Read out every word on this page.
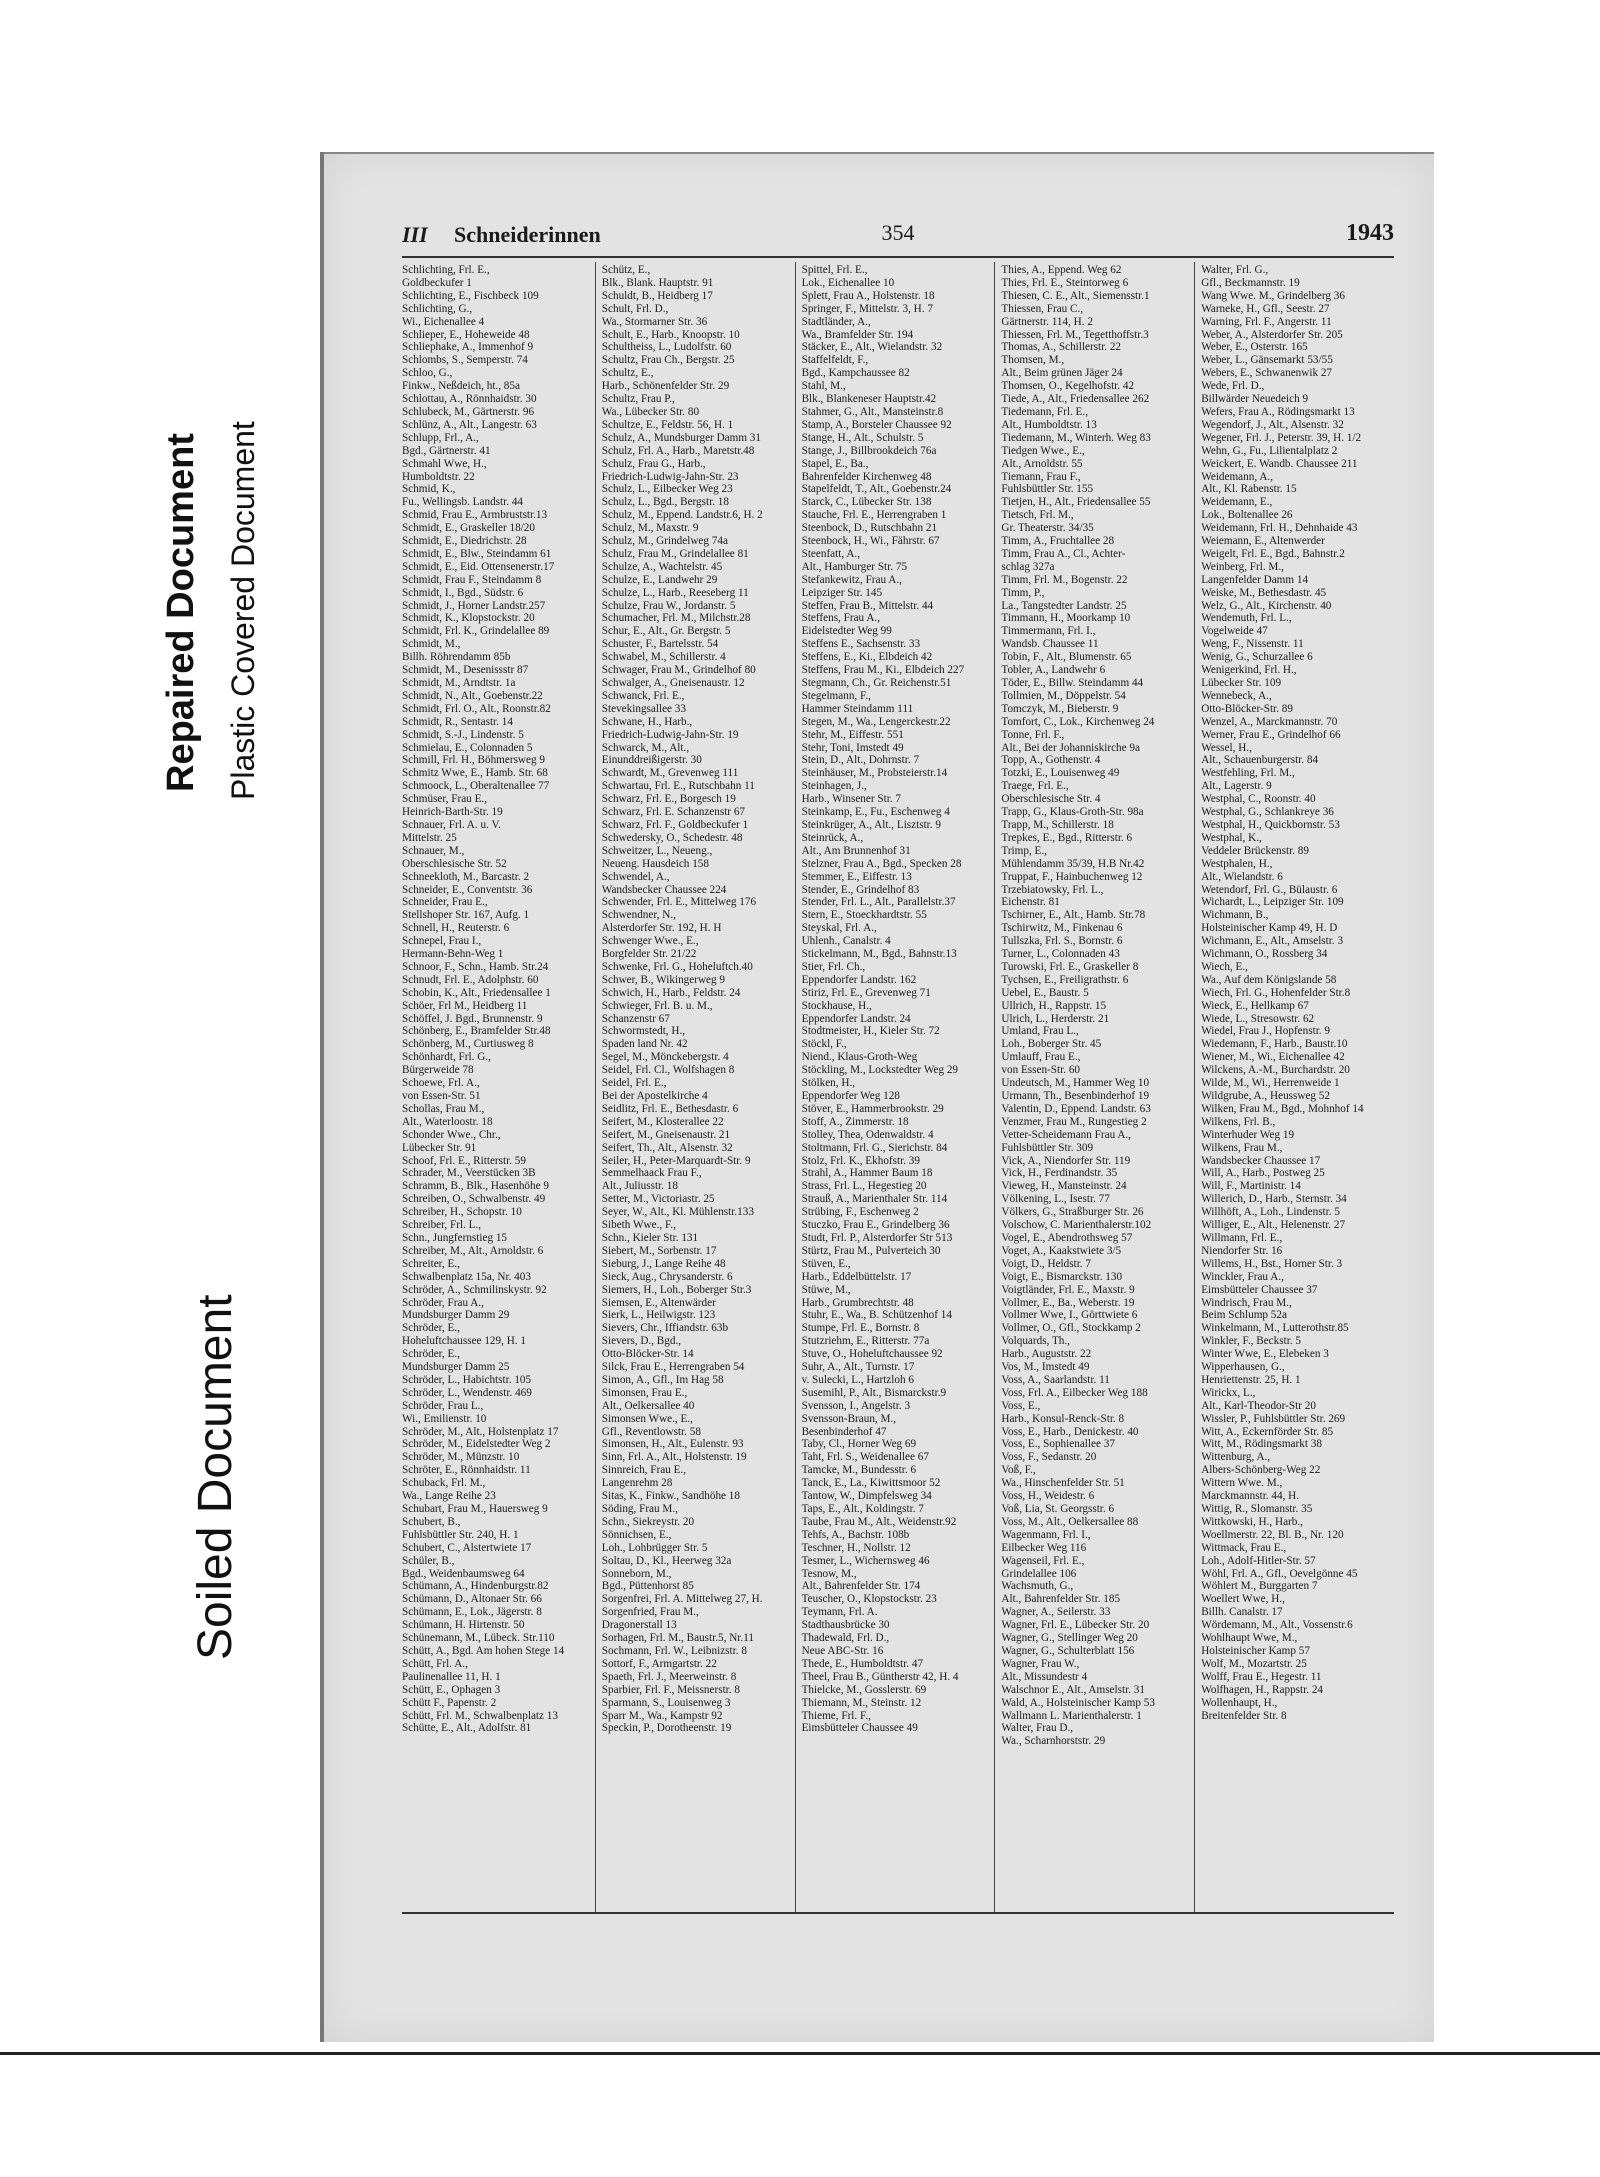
Repaired Document Plastic Covered Document
Soiled Document
III Schneiderinnen	354	1943
Schlichting, Frl. E.,
Goldbeckufer 1
Schlichting, E., Fischbeck 109
Schlichting, G.,
Wi., Eichenallee 4
Schlieper, E., Hoheweide 48
Schliephake, A., Immenhof 9
Schlombs, S., Semperstr. 74
Schloo, G.,
Finkw., Neßdeich, ht., 85a
Schlottau, A., Rönnhaidstr. 30
Schlubeck, M., Gärtnerstr. 96
Schlünz, A., Alt., Langestr. 63
Schlupp, Frl., A.,
Bgd., Gärtnerstr. 41
Schmahl Wwe, H.,
Humboldtstr. 22
Schmid, K.,
Fu., Wellingsb. Landstr. 44
Schmid, Frau E., Armbruststr.13
Schmidt, E., Graskeller 18/20
Schmidt, E., Diedrichstr. 28
Schmidt, E., Blw., Steindamm 61
Schmidt, E., Eid. Ottensenerstr.17
Schmidt, Frau F., Steindamm 8
Schmidt, I., Bgd., Südstr. 6
Schmidt, J., Horner Landstr.257
Schmidt, K., Klopstockstr. 20
Schmidt, Frl. K., Grindelallee 89
Schmidt, M.,
Billh. Röhrendamm 85b
Schmidt, M., Desenissstr 87
Schmidt, M., Arndtstr. 1a
Schmidt, N., Alt., Goebenstr.22
Schmidt, Frl. O., Alt., Roonstr.82
Schmidt, R., Sentastr. 14
Schmidt, S.-J., Lindenstr. 5
Schmielau, E., Colonnaden 5
Schmill, Frl. H., Böhmersweg 9
Schmitz Wwe, E., Hamb. Str. 68
Schmoock, L., Oberaltenallee 77
Schmüser, Frau E.,
Heinrich-Barth-Str. 19
Schnauer, Frl. A. u. V.
Mittelstr. 25
Schnauer, M.,
Oberschlesische Str. 52
Schneekloth, M., Barcastr. 2
Schneider, E., Conventstr. 36
Schneider, Frau E.,
Stellshoper Str. 167, Aufg. 1
Schnell, H., Reuterstr. 6
Schnepel, Frau I.,
Hermann-Behn-Weg 1
Schnoor, F., Schn., Hamb. Str.24
Schnudt, Frl. E., Adolphstr. 60
Schobin, K., Alt., Friedensallee 1
Schöer, Frl M., Heidberg 11
Schöffel, J. Bgd., Brunnenstr. 9
Schönberg, E., Bramfelder Str.48
Schönberg, M., Curtiusweg 8
Schönhardt, Frl. G.,
Bürgerweide 78
Schoewe, Frl. A.,
von Essen-Str. 51
Schollas, Frau M.,
Alt., Waterloostr. 18
Schonder Wwe., Chr.,
Lübecker Str. 91
Schoof, Frl. E., Ritterstr. 59
Schrader, M., Veerstücken 3B
Schramm, B., Blk., Hasenhöhe 9
Schreiben, O., Schwalbenstr. 49
Schreiber, H., Schopstr. 10
Schreiber, Frl. L.,
Schn., Jungfernstieg 15
Schreiber, M., Alt., Arnoldstr. 6
Schreiter, E.,
Schwalbenplatz 15a, Nr. 403
Schröder, A., Schmilinskystr. 92
Schröder, Frau A.,
Mundsburger Damm 29
Schröder, E.,
Hoheluftchaussee 129, H. 1
Schröder, E.,
Mundsburger Damm 25
Schröder, L., Habichtstr. 105
Schröder, L., Wendenstr. 469
Schröder, Frau L.,
Wi., Emilienstr. 10
Schröder, M., Alt., Holstenplatz 17
Schröder, M., Eidelstedter Weg 2
Schröder, M., Münzstr. 10
Schröter, E., Rönnhaidstr. 11
Schuback, Frl. M.,
Wa., Lange Reihe 23
Schubart, Frau M., Hauersweg 9
Schubert, B.,
Fuhlsbüttler Str. 240, H. 1
Schubert, C., Alstertwiete 17
Schüler, B.,
Bgd., Weidenbaumsweg 64
Schümann, A., Hindenburgstr.82
Schümann, D., Altonaer Str. 66
Schümann, E., Lok., Jägerstr. 8
Schümann, H. Hirtenstr. 50
Schünemann, M., Lübeck. Str.110
Schütt, A., Bgd. Am hohen Stege 14
Schütt, Frl. A.,
Paulinenallee 11, H. 1
Schütt, E., Ophagen 3
Schütt F., Papenstr. 2
Schütt, Frl. M., Schwalbenplatz 13
Schütte, E., Alt., Adolfstr. 81
Schütz, E.,
Blk., Blank. Hauptstr. 91
Schuldt, B., Heidberg 17
Schult, Frl. D.,
Wa., Stormarner Str. 36
Schult, E., Harb., Knoopstr. 10
Schultheiss, L., Ludolfstr. 60
Schultz, Frau Ch., Bergstr. 25
Schultz, E.,
Harb., Schönenfelder Str. 29
Schultz, Frau P.,
Wa., Lübecker Str. 80
Schultze, E., Feldstr. 56, H. 1
Schulz, A., Mundsburger Damm 31
Schulz, Frl. A., Harb., Maretstr.48
Schulz, Frau G., Harb.,
Friedrich-Ludwig-Jahn-Str. 23
Schulz, L., Eilbecker Weg 23
Schulz, L., Bgd., Bergstr. 18
Schulz, M., Eppend. Landstr.6, H. 2
Schulz, M., Maxstr. 9
Schulz, M., Grindelweg 74a
Schulz, Frau M., Grindelallee 81
Schulze, A., Wachtelstr. 45
Schulze, E., Landwehr 29
Schulze, L., Harb., Reeseberg 11
Schulze, Frau W., Jordanstr. 5
Schumacher, Frl. M., Milchstr.28
Schur, E., Alt., Gr. Bergstr. 5
Schuster, F., Bartelsstr. 54
Schwabel, M., Schillerstr. 4
Schwager, Frau M., Grindelhof 80
Schwalger, A., Gneisenaustr. 12
Schwanck, Frl. E.,
Stevekingsallee 33
Schwane, H., Harb.,
Friedrich-Ludwig-Jahn-Str. 19
Schwarck, M., Alt.,
Einunddreißigerstr. 30
Schwardt, M., Grevenweg 111
Schwartau, Frl. E., Rutschbahn 11
Schwarz, Frl. E., Borgesch 19
Schwarz, Frl. E. Schanzenstr 67
Schwarz, Frl. F., Goldbeckufer 1
Schwedersky, O., Schedestr. 48
Schweitzer, L., Neueng.,
Neueng. Hausdeich 158
Schwendel, A.,
Wandsbecker Chaussee 224
Schwender, Frl. E., Mittelweg 176
Schwendner, N.,
Alsterdorfer Str. 192, H. H
Schwenger Wwe., E.,
Borgfelder Str. 21/22
Schwenke, Frl. G., Hoheluftch.40
Schwer, B., Wikingerweg 9
Schwich, H., Harb., Feldstr. 24
Schwieger, Frl. B. u. M.,
Schanzenstr 67
Schwormstedt, H.,
Spaden land Nr. 42
Segel, M., Mönckebergstr. 4
Seidel, Frl. Cl., Wolfshagen 8
Seidel, Frl. E.,
Bei der Apostelkirche 4
Seidlitz, Frl. E., Bethesdastr. 6
Seifert, M., Klosterallee 22
Seifert, M., Gneisenaustr. 21
Seifert, Th., Alt., Alsenstr. 32
Seiler, H., Peter-Marquardt-Str. 9
Semmelhaack Frau F.,
Alt., Juliusstr. 18
Setter, M., Victoriastr. 25
Seyer, W., Alt., Kl. Mühlenstr.133
Sibeth Wwe., F.,
Schn., Kieler Str. 131
Siebert, M., Sorbenstr. 17
Sieburg, J., Lange Reihe 48
Sieck, Aug., Chrysanderstr. 6
Siemers, H., Loh., Boberger Str.3
Siemsen, E., Altenwärder
Sierk, L., Heilwigstr. 123
Sievers, Chr., Iffiandstr. 63b
Sievers, D., Bgd.,
Otto-Blöcker-Str. 14
Silck, Frau E., Herrengraben 54
Simon, A., Gfl., Im Hag 58
Simonsen, Frau E.,
Alt., Oelkersallee 40
Simonsen Wwe., E.,
Gfl., Reventlowstr. 58
Simonsen, H., Alt., Eulenstr. 93
Sinn, Frl. A., Alt., Holstenstr. 19
Sinnreich, Frau E.,
Langenrehm 28
Sitas, K., Finkw., Sandhöhe 18
Söding, Frau M.,
Schn., Siekreystr. 20
Sönnichsen, E.,
Loh., Lohbrügger Str. 5
Soltau, D., Kl., Heerweg 32a
Sonneborn, M.,
Bgd., Püttenhorst 85
Sorgenfrei, Frl. A. Mittelweg 27, H.
Sorgenfried, Frau M.,
Dragonerstall 13
Sorhagen, Frl. M., Baustr.5, Nr.11
Sochmann, Frl. W., Leibnizstr. 8
Sottorf, F., Armgartstr. 22
Spaeth, Frl. J., Meerweinstr. 8
Sparbier, Frl. F., Meissnerstr. 8
Sparmann, S., Louisenweg 3
Sparr M., Wa., Kampstr 92
Speckin, P., Dorotheenstr. 19
Spittel, Frl. E.,
Lok., Eichenallee 10
Splett, Frau A., Holstenstr. 18
Springer, F., Mittelstr. 3, H. 7
Stadtländer, A.,
Wa., Bramfelder Str. 194
Stäcker, E., Alt., Wielandstr. 32
Staffelfeldt, F.,
Bgd., Kampchaussee 82
Stahl, M.,
Blk., Blankeneser Hauptstr.42
Stahmer, G., Alt., Mansteinstr.8
Stamp, A., Borsteler Chaussee 92
Stange, H., Alt., Schulstr. 5
Stange, J., Billbrookdeich 76a
Stapel, E., Ba.,
Bahrenfelder Kirchenweg 48
Stapelfeldt, T., Alt., Goebenstr.24
Starck, C., Lübecker Str. 138
Stauche, Frl. E., Herrengraben 1
Steenbock, D., Rutschbahn 21
Steenbock, H., Wi., Fährstr. 67
Steenfatt, A.,
Alt., Hamburger Str. 75
Stefankewitz, Frau A.,
Leipziger Str. 145
Steffen, Frau B., Mittelstr. 44
Steffens, Frau A.,
Eidelstedter Weg 99
Steffens E., Sachsenstr. 33
Steffens, E., Ki., Elbdeich 42
Steffens, Frau M., Ki., Elbdeich 227
Stegmann, Ch., Gr. Reichenstr.51
Stegelmann, F.,
Hammer Steindamm 111
Stegen, M., Wa., Lengerckestr.22
Stehr, M., Eiffestr. 551
Stehr, Toni, Imstedt 49
Stein, D., Alt., Dohrnstr. 7
Steinhäuser, M., Probsteierstr.14
Steinhagen, J.,
Harb., Winsener Str. 7
Steinkamp, E., Fu., Eschenweg 4
Steinkrüger, A., Alt., Lisztstr. 9
Steinrück, A.,
Alt., Am Brunnenhof 31
Stelzner, Frau A., Bgd., Specken 28
Stemmer, E., Eiffestr. 13
Stender, E., Grindelhof 83
Stender, Frl. L., Alt., Parallelstr.37
Stern, E., Stoeckhardtstr. 55
Steyskal, Frl. A.,
Uhlenh., Canalstr. 4
Stickelmann, M., Bgd., Bahnstr.13
Stier, Frl. Ch.,
Eppendorfer Landstr. 162
Stiriz, Frl. E., Grevenweg 71
Stockhause, H.,
Eppendorfer Landstr. 24
Stodtmeister, H., Kieler Str. 72
Stöckl, F.,
Niend., Klaus-Groth-Weg
Stöckling, M., Lockstedter Weg 29
Stölken, H.,
Eppendorfer Weg 128
Stöver, E., Hammerbrookstr. 29
Stoff, A., Zimmerstr. 18
Stolley, Thea, Odenwaldstr. 4
Stoltmann, Frl. G., Sierichstr. 84
Stolz, Frl. K., Ekhofstr. 39
Strahl, A., Hammer Baum 18
Strass, Frl. L., Hegestieg 20
Strauß, A., Marienthaler Str. 114
Strübing, F., Eschenweg 2
Stuczko, Frau E., Grindelberg 36
Studt, Frl. P., Alsterdorfer Str 513
Stürtz, Frau M., Pulverteich 30
Stüven, E.,
Harb., Eddelbüttelstr. 17
Stüwe, M.,
Harb., Grumbrechtstr. 48
Stuhr, E., Wa., B. Schützenhof 14
Stumpe, Frl. E., Bornstr. 8
Stutzriehm, E., Ritterstr. 77a
Stuve, O., Hoheluftchaussee 92
Suhr, A., Alt., Turnstr. 17
v. Sulecki, L., Hartzloh 6
Susemihl, P., Alt., Bismarckstr.9
Svensson, I., Angelstr. 3
Svensson-Braun, M.,
Besenbinderhof 47
Taby, Cl., Horner Weg 69
Taht, Frl. S., Weidenallee 67
Tamcke, M., Bundesstr. 6
Tanck, E., La., Kiwittsmoor 52
Tantow, W., Dimpfelsweg 34
Taps, E., Alt., Koldingstr. 7
Taube, Frau M., Alt., Weidenstr.92
Tehfs, A., Bachstr. 108b
Teschner, H., Nollstr. 12
Tesmer, L., Wichernsweg 46
Tesnow, M.,
Alt., Bahrenfelder Str. 174
Teuscher, O., Klopstockstr. 23
Teymann, Frl. A.
Stadthausbrücke 30
Thadewald, Frl. D.,
Neue ABC-Str. 16
Thede, E., Humboldtstr. 47
Theel, Frau B., Güntherstr 42, H. 4
Thielcke, M., Gosslerstr. 69
Thiemann, M., Steinstr. 12
Thieme, Frl. F.,
Eimsbütteler Chaussee 49
Thies, A., Eppend. Weg 62
Thies, Frl. E., Steintorweg 6
Thiesen, C. E., Alt., Siemensstr.1
Thiessen, Frau C.,
Gärtnerstr. 114, H. 2
Thiessen, Frl. M., Tegetthoffstr.3
Thomas, A., Schillerstr. 22
Thomsen, M.,
Alt., Beim grünen Jäger 24
Thomsen, O., Kegelhofstr. 42
Tiede, A., Alt., Friedensallee 262
Tiedemann, Frl. E.,
Alt., Humboldtstr. 13
Tiedemann, M., Winterh. Weg 83
Tiedgen Wwe., E.,
Alt., Arnoldstr. 55
Tiemann, Frau F.,
Fuhlsbüttler Str. 155
Tietjen, H., Alt., Friedensallee 55
Tietsch, Frl. M.,
Gr. Theaterstr. 34/35
Timm, A., Fruchtallee 28
Timm, Frau A., Cl., Achter-
schlag 327a
Timm, Frl. M., Bogenstr. 22
Timm, P.,
La., Tangstedter Landstr. 25
Timmann, H., Moorkamp 10
Timmermann, Frl. I.,
Wandsb. Chaussee 11
Tobin, F., Alt., Blumenstr. 65
Tobler, A., Landwehr 6
Töder, E., Billw. Steindamm 44
Tollmien, M., Döppelstr. 54
Tomczyk, M., Bieberstr. 9
Tomfort, C., Lok., Kirchenweg 24
Tonne, Frl. F.,
Alt., Bei der Johanniskirche 9a
Topp, A., Gothenstr. 4
Totzki, E., Louisenweg 49
Traege, Frl. E.,
Oberschlesische Str. 4
Trapp, G., Klaus-Groth-Str. 98a
Trapp, M., Schillerstr. 18
Trepkes, E., Bgd., Ritterstr. 6
Trimp, E.,
Mühlendamm 35/39, H.B Nr.42
Truppat, F., Hainbuchenweg 12
Trzebiatowsky, Frl. L.,
Eichenstr. 81
Tschirner, E., Alt., Hamb. Str.78
Tschirwitz, M., Finkenau 6
Tullszka, Frl. S., Bornstr. 6
Turner, L., Colonnaden 43
Turowski, Frl. E., Graskeller 8
Tychsen, E., Freiligrathstr. 6
Uebel, E., Baustr. 5
Ullrich, H., Rappstr. 15
Ulrich, L., Herderstr. 21
Umland, Frau L.,
Loh., Boberger Str. 45
Umlauff, Frau E.,
von Essen-Str. 60
Undeutsch, M., Hammer Weg 10
Urmann, Th., Besenbinderhof 19
Valentin, D., Eppend. Landstr. 63
Venzmer, Frau M., Rungestieg 2
Vetter-Scheidemann Frau A.,
Fuhlsbüttler Str. 309
Vick, A., Niendorfer Str. 119
Vick, H., Ferdinandstr. 35
Vieweg, H., Mansteinstr. 24
Völkening, L., Isestr. 77
Völkers, G., Straßburger Str. 26
Volschow, C. Marienthalerstr.102
Vogel, E., Abendrothsweg 57
Voget, A., Kaakstwiete 3/5
Voigt, D., Heldstr. 7
Voigt, E., Bismarckstr. 130
Voigtländer, Frl. E., Maxstr. 9
Vollmer, E., Ba., Weberstr. 19
Vollmer Wwe, I., Görttwiete 6
Vollmer, O., Gfl., Stockkamp 2
Volquards, Th.,
Harb., Auguststr. 22
Vos, M., Imstedt 49
Voss, A., Saarlandstr. 11
Voss, Frl. A., Eilbecker Weg 188
Voss, E.,
Harb., Konsul-Renck-Str. 8
Voss, E., Harb., Denickestr. 40
Voss, E., Sophienallee 37
Voss, F., Sedanstr. 20
Voß, F.,
Wa., Hinschenfelder Str. 51
Voss, H., Weidestr. 6
Voß, Lia, St. Georgsstr. 6
Voss, M., Alt., Oelkersallee 88
Wagenmann, Frl. I.,
Eilbecker Weg 116
Wagenseil, Frl. E.,
Grindelallee 106
Wachsmuth, G.,
Alt., Bahrenfelder Str. 185
Wagner, A., Seilerstr. 33
Wagner, Frl. E., Lübecker Str. 20
Wagner, G., Stellinger Weg 20
Wagner, G., Schulterblatt 156
Wagner, Frau W.,
Alt., Missundestr 4
Walschnor E., Alt., Amselstr. 31
Wald, A., Holsteinischer Kamp 53
Wallmann L. Marienthalerstr. 1
Walter, Frau D.,
Wa., Scharnhorststr. 29
Walter, Frl. G.,
Gfl., Beckmannstr. 19
Wang Wwe. M., Grindelberg 36
Warneke, H., Gfl., Seestr. 27
Warning, Frl. F., Angerstr. 11
Weber, A., Alsterdorfer Str. 205
Weber, E., Osterstr. 165
Weber, L., Gänsemarkt 53/55
Webers, E., Schwanenwik 27
Wede, Frl. D.,
Billwärder Neuedeich 9
Wefers, Frau A., Rödingsmarkt 13
Wegendorf, J., Alt., Alsenstr. 32
Wegener, Frl. J., Peterstr. 39, H. 1/2
Wehn, G., Fu., Lilientalplatz 2
Weickert, E. Wandb. Chaussee 211
Weidemann, A.,
Alt., Kl. Rabenstr. 15
Weidemann, E.,
Lok., Boltenallee 26
Weidemann, Frl. H., Dehnhaide 43
Weiemann, E., Altenwerder
Weigelt, Frl. E., Bgd., Bahnstr.2
Weinberg, Frl. M.,
Langenfelder Damm 14
Weiske, M., Bethesdastr. 45
Welz, G., Alt., Kirchenstr. 40
Wendemuth, Frl. L.,
Vogelweide 47
Weng, F., Nissenstr. 11
Wenig, G., Schurzallee 6
Wenigerkind, Frl. H.,
Lübecker Str. 109
Wennebeck, A.,
Otto-Blöcker-Str. 89
Wenzel, A., Marckmannstr. 70
Werner, Frau E., Grindelhof 66
Wessel, H.,
Alt., Schauenburgerstr. 84
Westfehling, Frl. M.,
Alt., Lagerstr. 9
Westphal, C., Roonstr. 40
Westphal, G., Schlankreye 36
Westphal, H., Quickbornstr. 53
Westphal, K.,
Veddeler Brückenstr. 89
Westphalen, H.,
Alt., Wielandstr. 6
Wetendorf, Frl. G., Bülaustr. 6
Wichardt, L., Leipziger Str. 109
Wichmann, B.,
Holsteinischer Kamp 49, H. D
Wichmann, E., Alt., Amselstr. 3
Wichmann, O., Rossberg 34
Wiech, E.,
Wa., Auf dem Königslande 58
Wiech, Frl. G., Hohenfelder Str.8
Wieck, E., Hellkamp 67
Wiede, L., Stresowstr. 62
Wiedel, Frau J., Hopfenstr. 9
Wiedemann, F., Harb., Baustr.10
Wiener, M., Wi., Eichenallee 42
Wilckens, A.-M., Burchardstr. 20
Wilde, M., Wi., Herrenweide 1
Wildgrube, A., Heussweg 52
Wilken, Frau M., Bgd., Mohnhof 14
Wilkens, Frl. B.,
Winterhuder Weg 19
Wilkens, Frau M.,
Wandsbecker Chaussee 17
Will, A., Harb., Postweg 25
Will, F., Martinistr. 14
Willerich, D., Harb., Sternstr. 34
Willhöft, A., Loh., Lindenstr. 5
Williger, E., Alt., Helenenstr. 27
Willmann, Frl. E.,
Niendorfer Str. 16
Willems, H., Bst., Horner Str. 3
Winckler, Frau A.,
Eimsbütteler Chaussee 37
Windrisch, Frau M.,
Beim Schlump 52a
Winkelmann, M., Lutterothstr.85
Winkler, F., Beckstr. 5
Winter Wwe, E., Elebeken 3
Wipperhausen, G.,
Henriettenstr. 25, H. 1
Wirickx, L.,
Alt., Karl-Theodor-Str 20
Wissler, P., Fuhlsbüttler Str. 269
Witt, A., Eckernförder Str. 85
Witt, M., Rödingsmarkt 38
Wittenburg, A.,
Albers-Schönberg-Weg 22
Wittern Wwe. M.,
Marckmannstr. 44, H.
Wittig, R., Slomanstr. 35
Wittkowski, H., Harb.,
Woellmerstr. 22, Bl. B., Nr. 120
Wittmack, Frau E.,
Loh., Adolf-Hitler-Str. 57
Wöhl, Frl. A., Gfl., Oevelgönne 45
Wöhlert M., Burggarten 7
Woellert Wwe, H.,
Billh. Canalstr. 17
Wördemann, M., Alt., Vossenstr.6
Wohlhaupt Wwe, M.,
Holsteinischer Kamp 57
Wolf, M., Mozartstr. 25
Wolff, Frau E., Hegestr. 11
Wolfhagen, H., Rappstr. 24
Wollenhaupt, H.,
Breitenfelder Str. 8
